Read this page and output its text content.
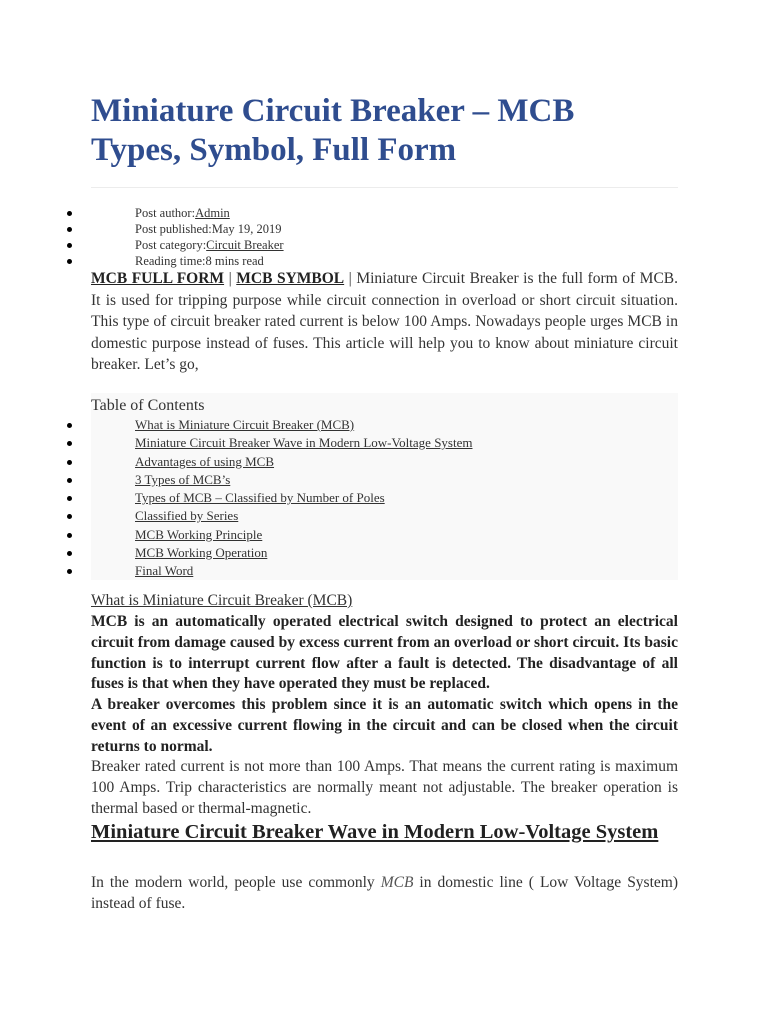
Miniature Circuit Breaker – MCB Types, Symbol, Full Form
Post author:Admin
Post published:May 19, 2019
Post category:Circuit Breaker
Reading time:8 mins read

MCB FULL FORM | MCB SYMBOL | Miniature Circuit Breaker is the full form of MCB. It is used for tripping purpose while circuit connection in overload or short circuit situation. This type of circuit breaker rated current is below 100 Amps. Nowadays people urges MCB in domestic purpose instead of fuses. This article will help you to know about miniature circuit breaker. Let’s go,

Table of Contents
What is Miniature Circuit Breaker (MCB)
Miniature Circuit Breaker Wave in Modern Low-Voltage System
Advantages of using MCB
3 Types of MCB’s
Types of MCB – Classified by Number of Poles
Classified by Series
MCB Working Principle
MCB Working Operation
Final Word
What is Miniature Circuit Breaker (MCB)

MCB is an automatically operated electrical switch designed to protect an electrical circuit from damage caused by excess current from an overload or short circuit. Its basic function is to interrupt current flow after a fault is detected. The disadvantage of all fuses is that when they have operated they must be replaced.

A breaker overcomes this problem since it is an automatic switch which opens in the event of an excessive current flowing in the circuit and can be closed when the circuit returns to normal.

Breaker rated current is not more than 100 Amps. That means the current rating is maximum 100 Amps. Trip characteristics are normally meant not adjustable. The breaker operation is thermal based or thermal-magnetic.

Miniature Circuit Breaker Wave in Modern Low-Voltage System

In the modern world, people use commonly MCB in domestic line ( Low Voltage System) instead of fuse.
